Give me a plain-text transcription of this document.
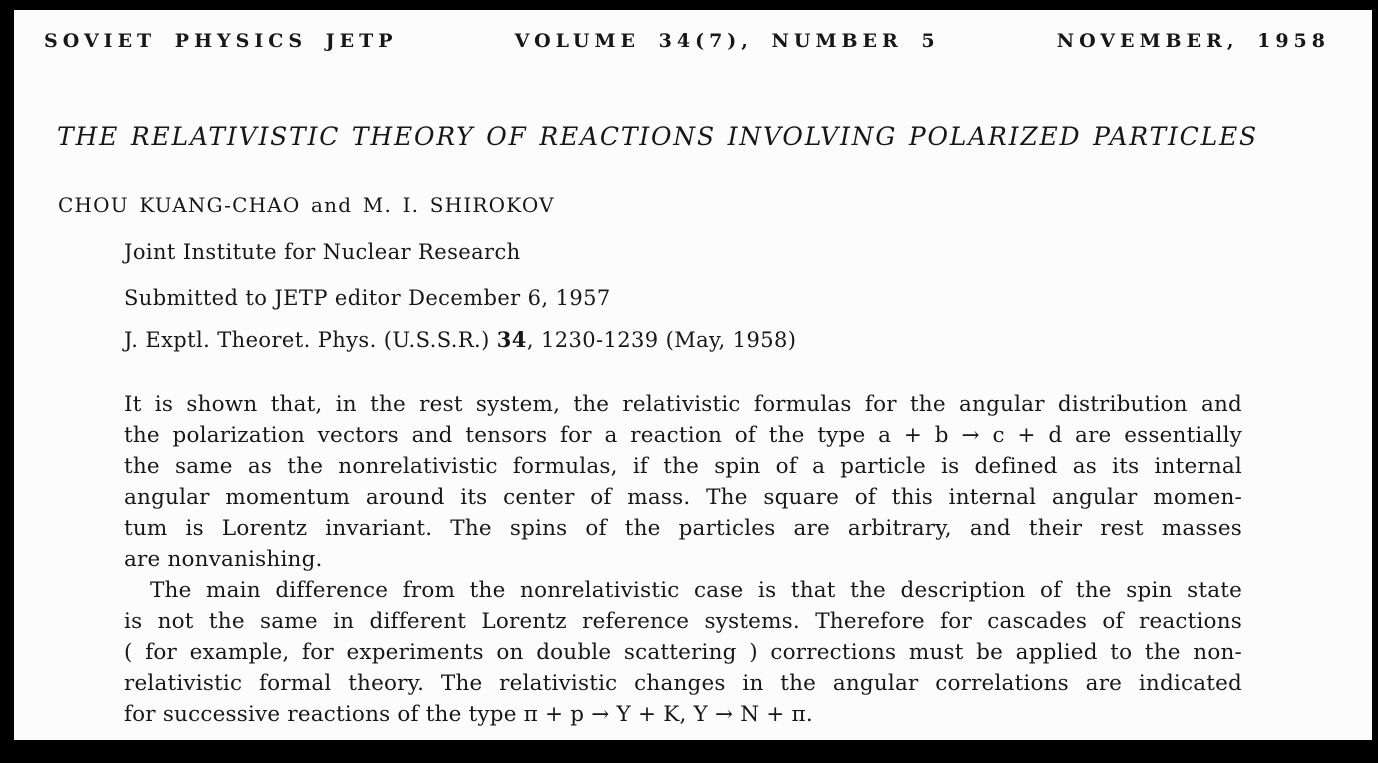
SOVIET PHYSICS JETP	VOLUME 34(7), NUMBER 5	NOVEMBER, 1958
THE RELATIVISTIC THEORY OF REACTIONS INVOLVING POLARIZED PARTICLES
CHOU KUANG-CHAO and M. I. SHIROKOV
Joint Institute for Nuclear Research
Submitted to JETP editor December 6, 1957
J. Exptl. Theoret. Phys. (U.S.S.R.) 34, 1230-1239 (May, 1958)
It is shown that, in the rest system, the relativistic formulas for the angular distribution and
the polarization vectors and tensors for a reaction of the type a + b → c + d are essentially
the same as the nonrelativistic formulas, if the spin of a particle is defined as its internal
angular momentum around its center of mass. The square of this internal angular momen-
tum is Lorentz invariant. The spins of the particles are arbitrary, and their rest masses
are nonvanishing.
The main difference from the nonrelativistic case is that the description of the spin state
is not the same in different Lorentz reference systems. Therefore for cascades of reactions
( for example, for experiments on double scattering ) corrections must be applied to the non-
relativistic formal theory. The relativistic changes in the angular correlations are indicated
for successive reactions of the type π + p → Y + K, Y → N + π.
